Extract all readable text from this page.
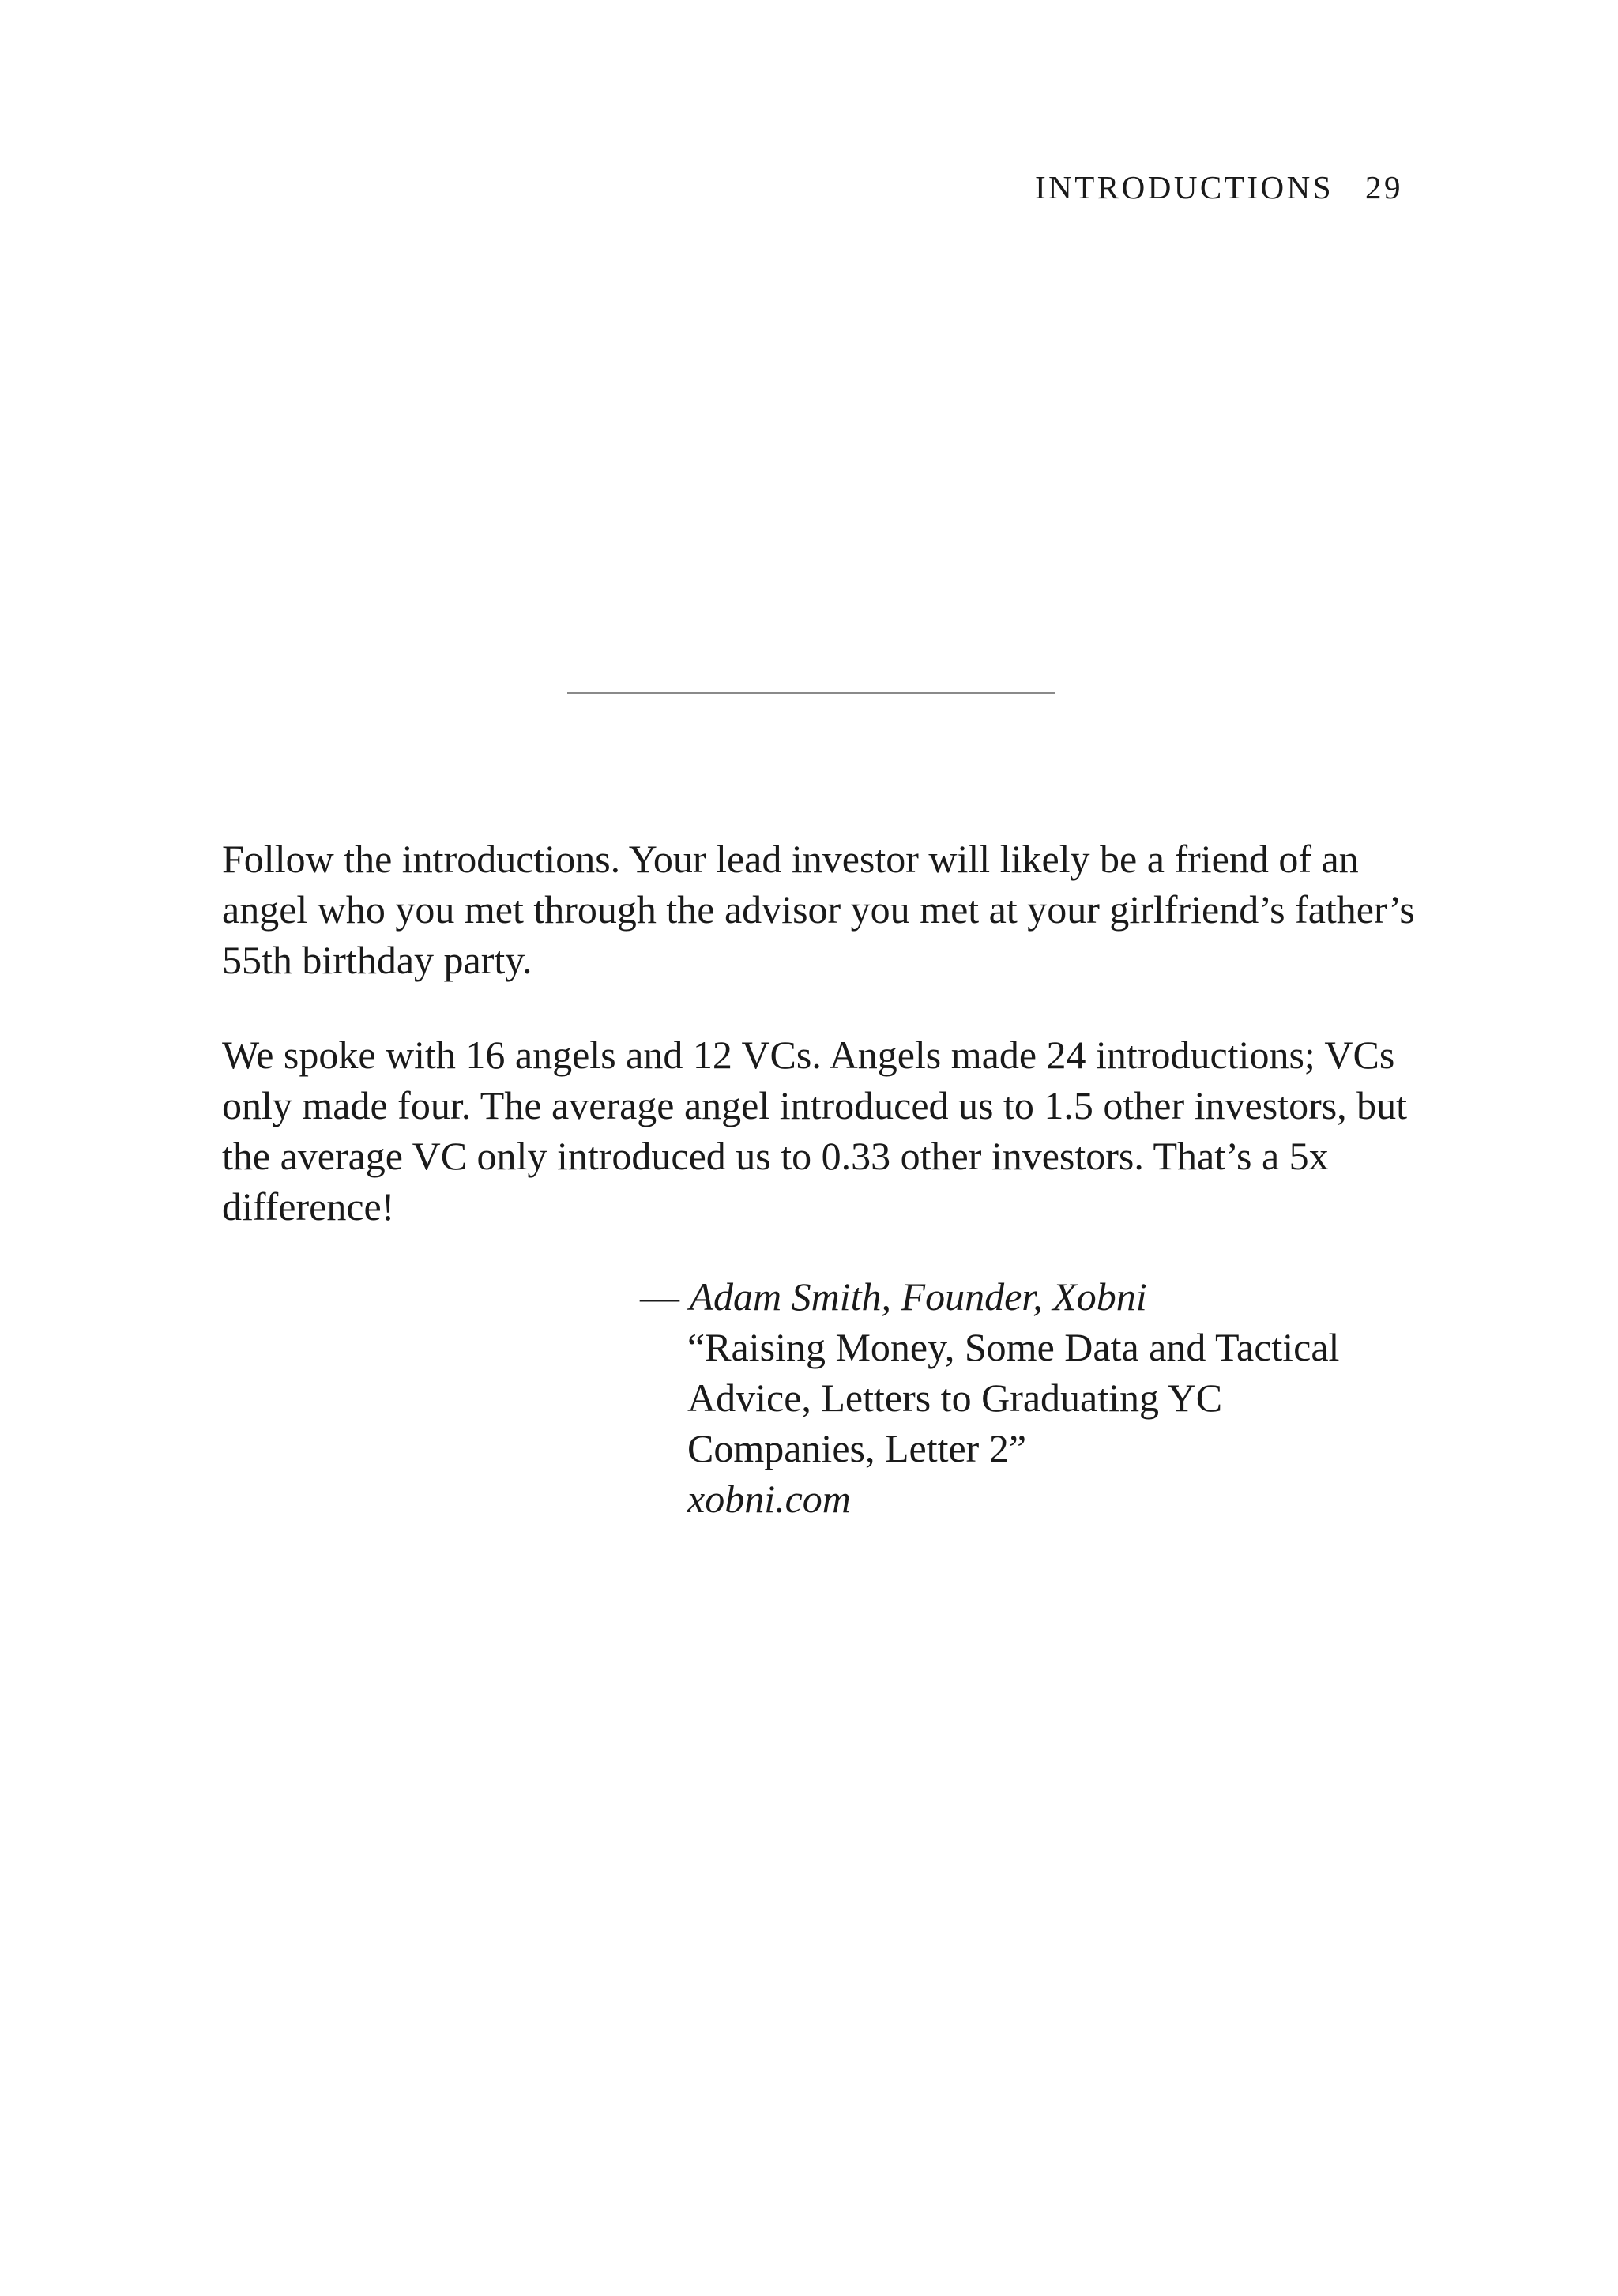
INTRODUCTIONS 29

Follow the introductions. Your lead investor will likely be a friend of an angel who you met through the advisor you met at your girlfriend’s father’s 55th birthday party.

We spoke with 16 angels and 12 VCs. Angels made 24 introductions; VCs only made four. The average angel introduced us to 1.5 other investors, but the average VC only introduced us to 0.33 other investors. That’s a 5x difference!

— Adam Smith, Founder, Xobni
“Raising Money, Some Data and Tactical
Advice, Letters to Graduating YC
Companies, Letter 2”
xobni.com
